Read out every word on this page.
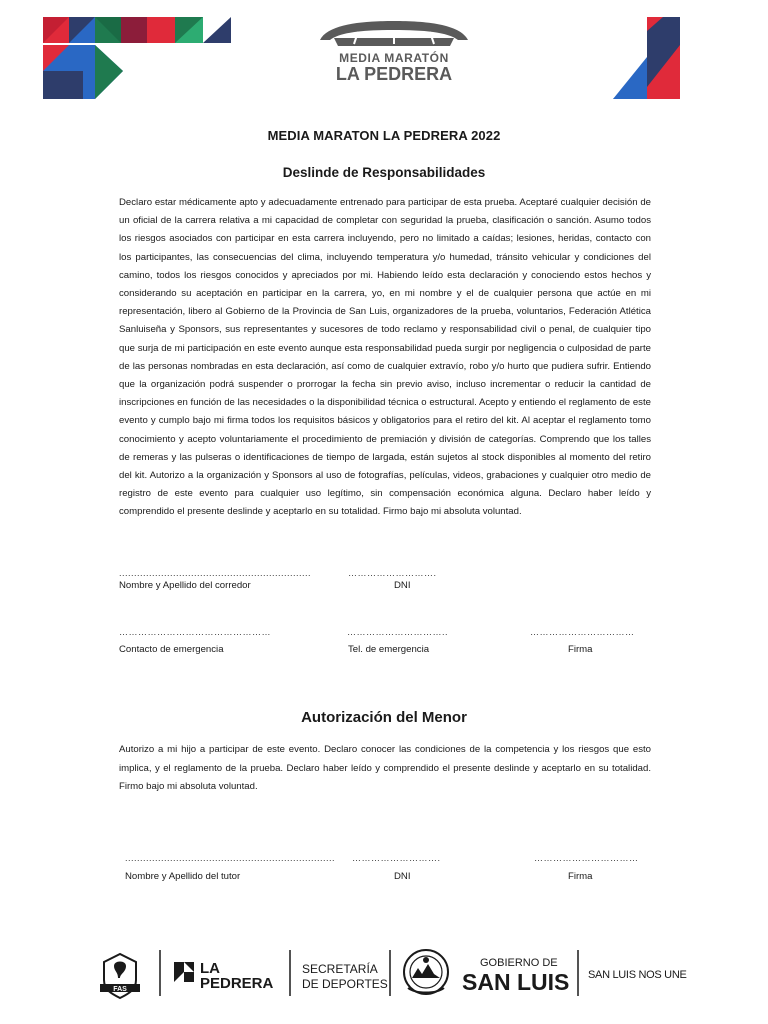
MEDIA MARATÓN
LA PEDRERA
MEDIA MARATON LA PEDRERA 2022
Deslinde de Responsabilidades
Declaro estar médicamente apto y adecuadamente entrenado para participar de esta prueba. Aceptaré cualquier decisión de un oficial de la carrera relativa a mi capacidad de completar con seguridad la prueba, clasificación o sanción. Asumo todos los riesgos asociados con participar en esta carrera incluyendo, pero no limitado a caídas; lesiones, heridas, contacto con los participantes, las consecuencias del clima, incluyendo temperatura y/o humedad, tránsito vehicular y condiciones del camino, todos los riesgos conocidos y apreciados por mi. Habiendo leído esta declaración y conociendo estos hechos y considerando su aceptación en participar en la carrera, yo, en mi nombre y el de cualquier persona que actúe en mi representación, libero al Gobierno de la Provincia de San Luis, organizadores de la prueba, voluntarios, Federación Atlética Sanluiseña y Sponsors, sus representantes y sucesores de todo reclamo y responsabilidad civil o penal, de cualquier tipo que surja de mi participación en este evento aunque esta responsabilidad pueda surgir por negligencia o culposidad de parte de las personas nombradas en esta declaración, así como de cualquier extravío, robo y/o hurto que pudiera sufrir. Entiendo que la organización podrá suspender o prorrogar la fecha sin previo aviso, incluso incrementar o reducir la cantidad de inscripciones en función de las necesidades o la disponibilidad técnica o estructural. Acepto y entiendo el reglamento de este evento y cumplo bajo mi firma todos los requisitos básicos y obligatorios para el retiro del kit. Al aceptar el reglamento tomo conocimiento y acepto voluntariamente el procedimiento de premiación y división de categorías. Comprendo que los talles de remeras y las pulseras o identificaciones de tiempo de largada, están sujetos al stock disponibles al momento del retiro del kit. Autorizo a la organización y Sponsors al uso de fotografías, películas, videos, grabaciones y cualquier otro medio de registro de este evento para cualquier uso legítimo, sin compensación económica alguna. Declaro haber leído y comprendido el presente deslinde y aceptarlo en su totalidad. Firmo bajo mi absoluta voluntad.
................................................................
Nombre y Apellido del corredor
……………………….
DNI
…………………………………………
Contacto de emergencia
…………………………..
Tel. de emergencia
……………………………
Firma
Autorización del Menor
Autorizo a mi hijo a participar de este evento. Declaro conocer las condiciones de la competencia y los riesgos que esto implica, y el reglamento de la prueba. Declaro haber leído y comprendido el presente deslinde y aceptarlo en su totalidad. Firmo bajo mi absoluta voluntad.
......................................................................
Nombre y Apellido del tutor
……………………….
DNI
……………………………
Firma
FAS
LA
PEDRERA
SECRETARÍA
DE DEPORTES
GOBIERNO DE
SAN LUIS SAN LUIS NOS UNE
